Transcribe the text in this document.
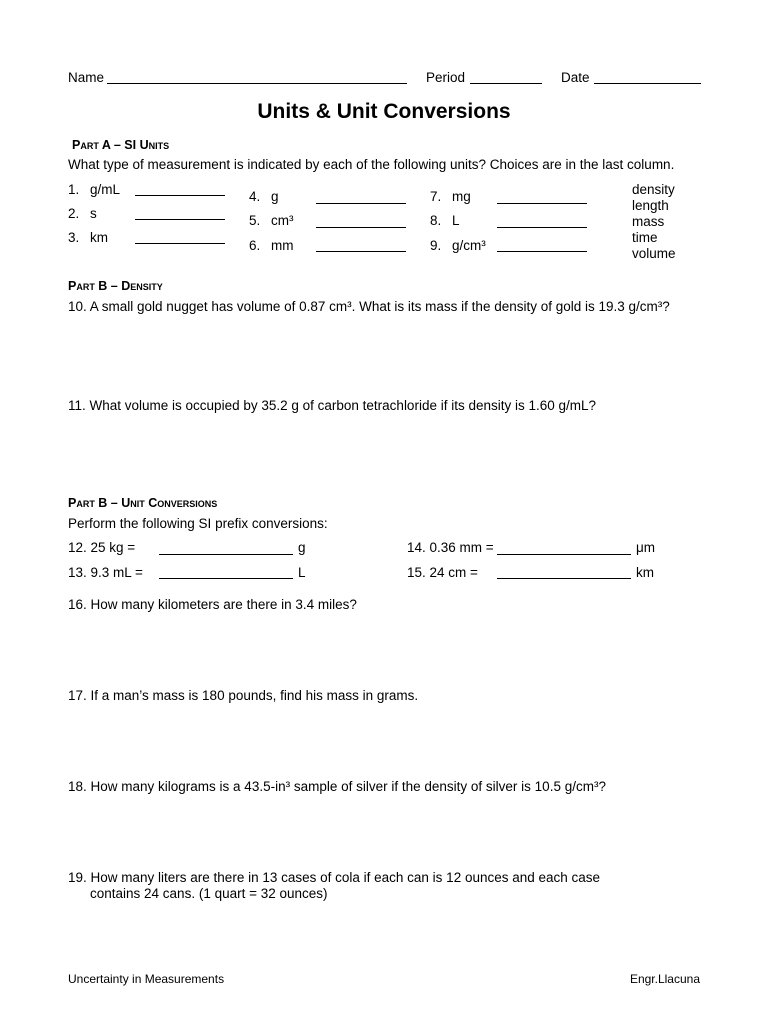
Name	Period	Date
Units & Unit Conversions
Part A – SI Units
What type of measurement is indicated by each of the following units? Choices are in the last column.
1. g/mL
2. s
3. km
4. g
5. cm³
6. mm
7. mg
8. L
9. g/cm³
density
length
mass
time
volume
Part B – Density
10. A small gold nugget has volume of 0.87 cm³. What is its mass if the density of gold is 19.3 g/cm³?
11. What volume is occupied by 35.2 g of carbon tetrachloride if its density is 1.60 g/mL?
Part B – Unit Conversions
Perform the following SI prefix conversions:
12. 25 kg =	g
13. 9.3 mL =	L
14. 0.36 mm =	μm
15. 24 cm =	km
16. How many kilometers are there in 3.4 miles?
17. If a man’s mass is 180 pounds, find his mass in grams.
18. How many kilograms is a 43.5-in³ sample of silver if the density of silver is 10.5 g/cm³?
19. How many liters are there in 13 cases of cola if each can is 12 ounces and each case
contains 24 cans. (1 quart = 32 ounces)
Uncertainty in Measurements	Engr.Llacuna
